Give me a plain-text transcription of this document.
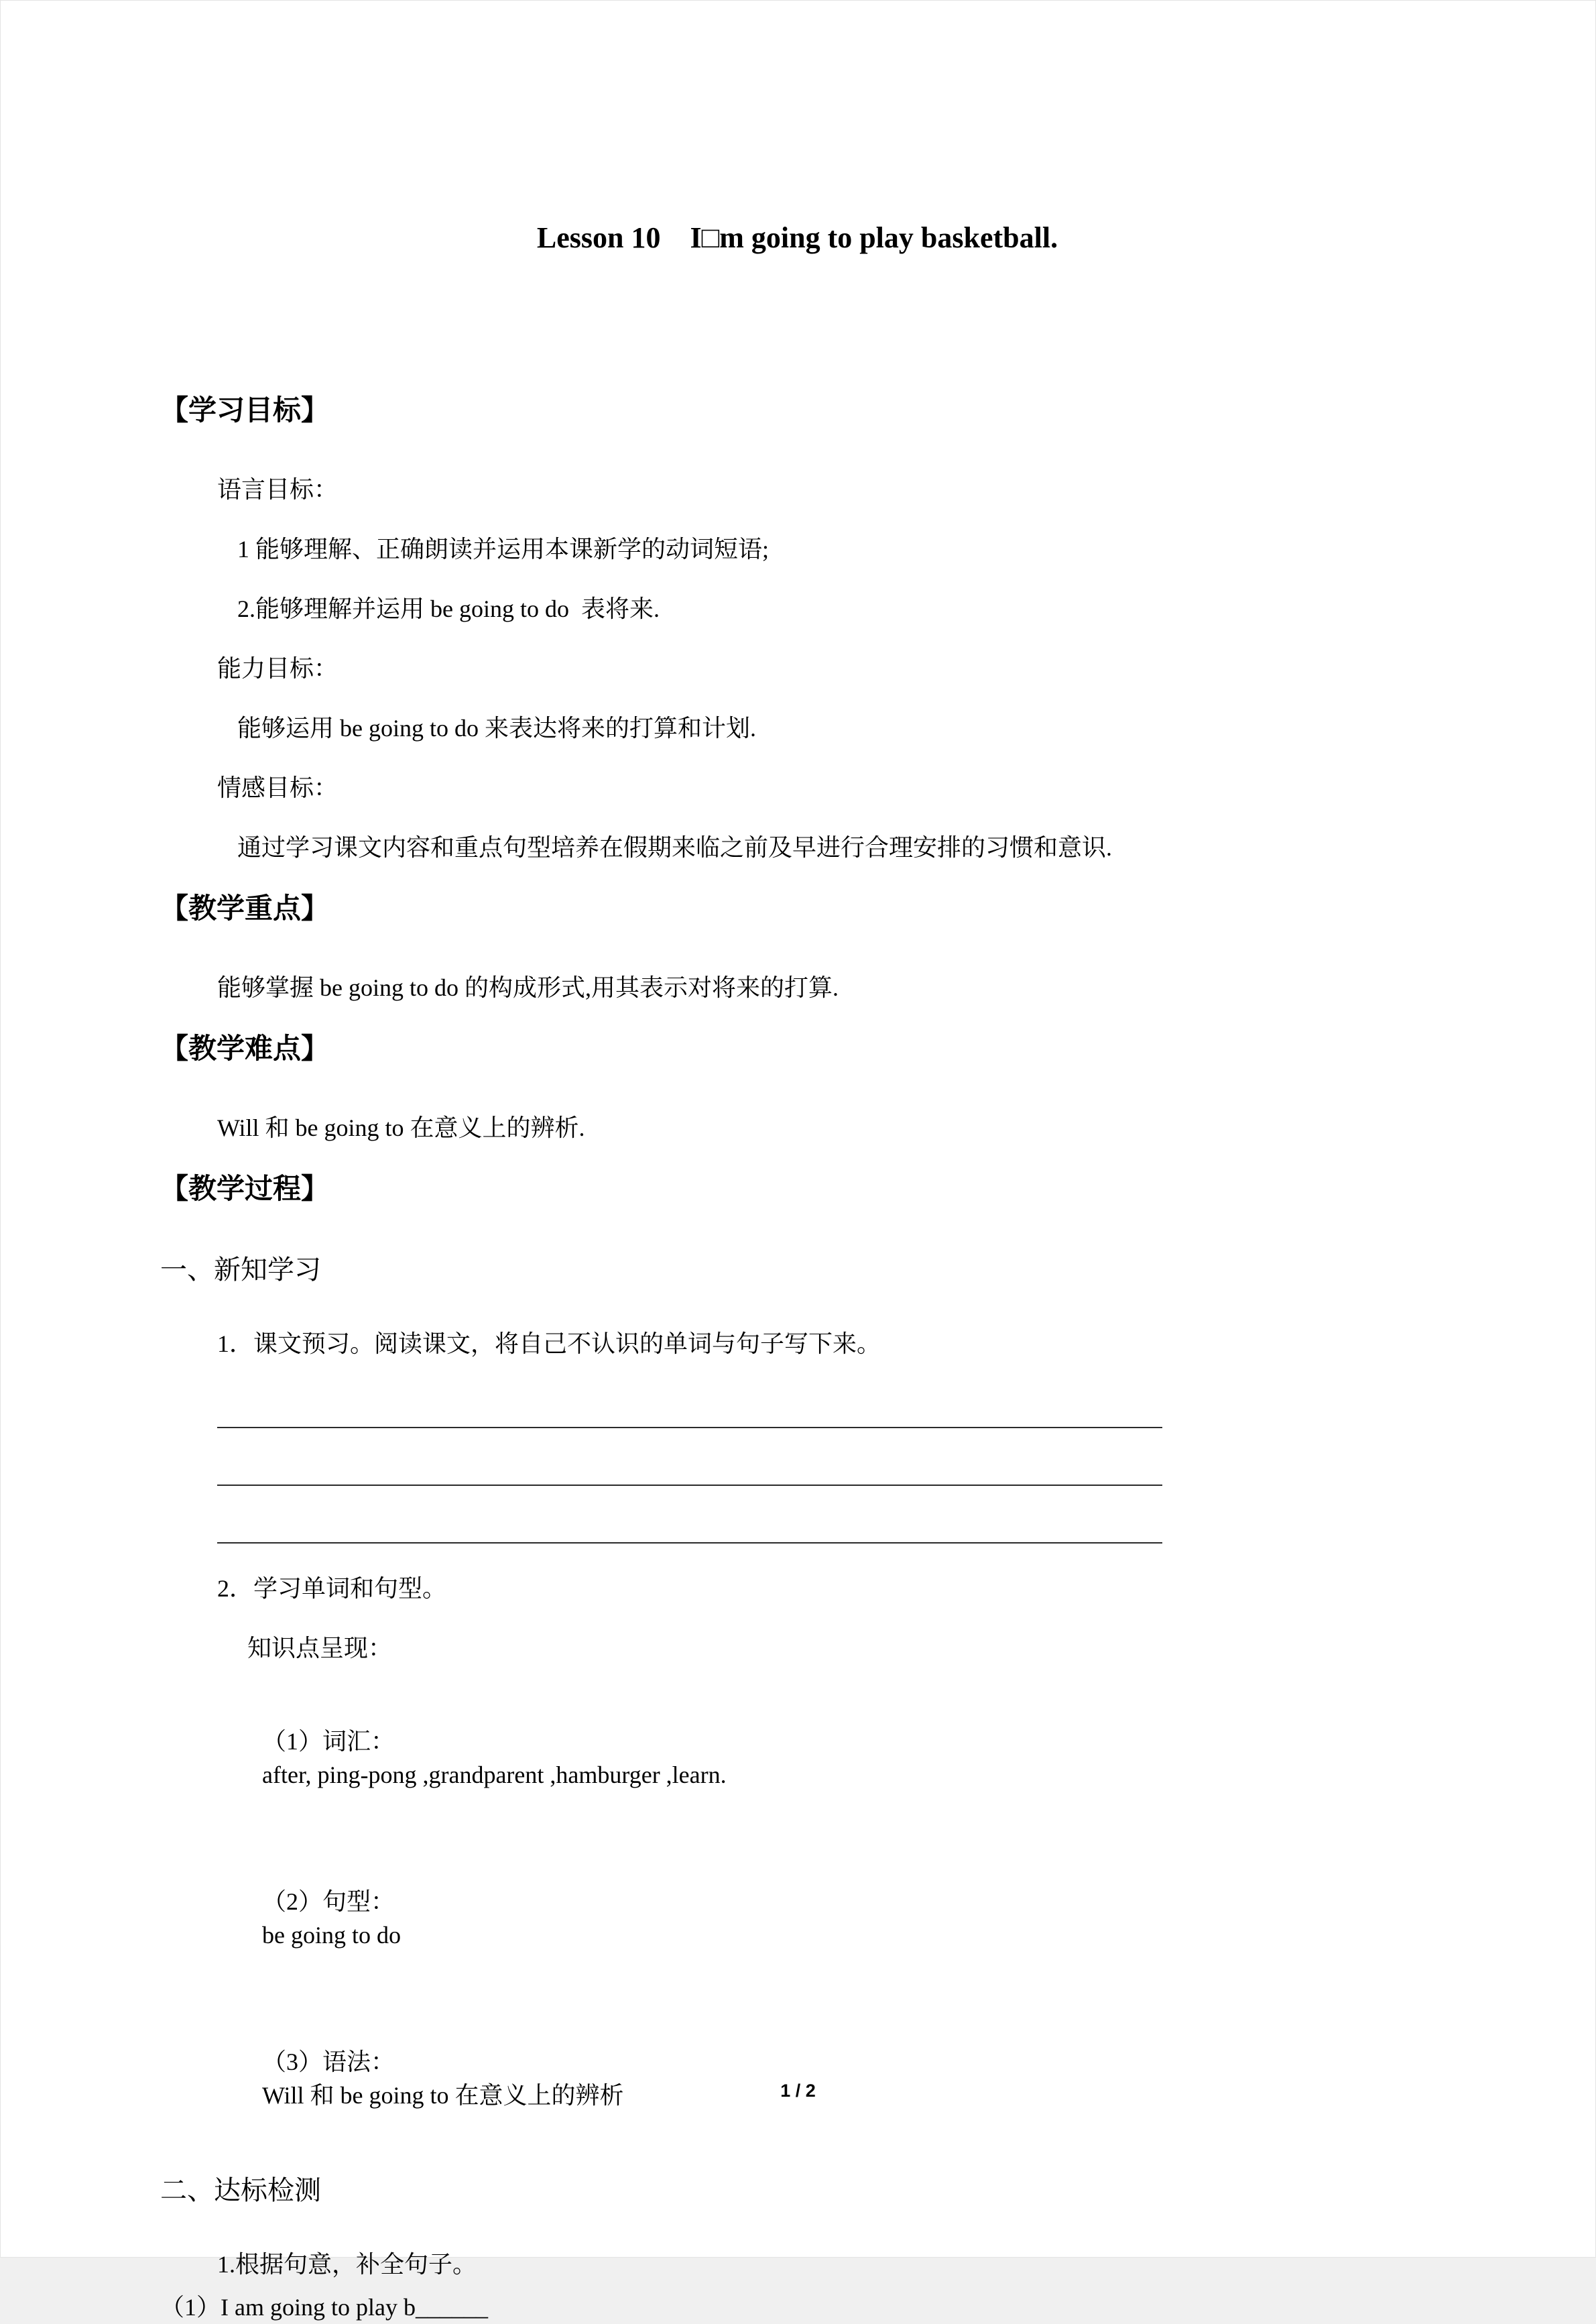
Lesson 10    I□m going to play basketball.
【学习目标】

语言目标：

1 能够理解、正确朗读并运用本课新学的动词短语;

2.能够理解并运用 be going to do  表将来.

能力目标：

能够运用 be going to do 来表达将来的打算和计划.

情感目标：

通过学习课文内容和重点句型培养在假期来临之前及早进行合理安排的习惯和意识.

【教学重点】

能够掌握 be going to do 的构成形式,用其表示对将来的打算.

【教学难点】

Will 和 be going to 在意义上的辨析.

【教学过程】
一、新知学习

1．课文预习。阅读课文，将自己不认识的单词与句子写下来。

2．学习单词和句型。

知识点呈现：

（1）词汇：
after, ping-pong ,grandparent ,hamburger ,learn.

（2）句型：
be going to do

（3）语法：
Will 和 be going to 在意义上的辨析

二、达标检测

1.根据句意，补全句子。

（1）I am going to play b______

1 / 2
